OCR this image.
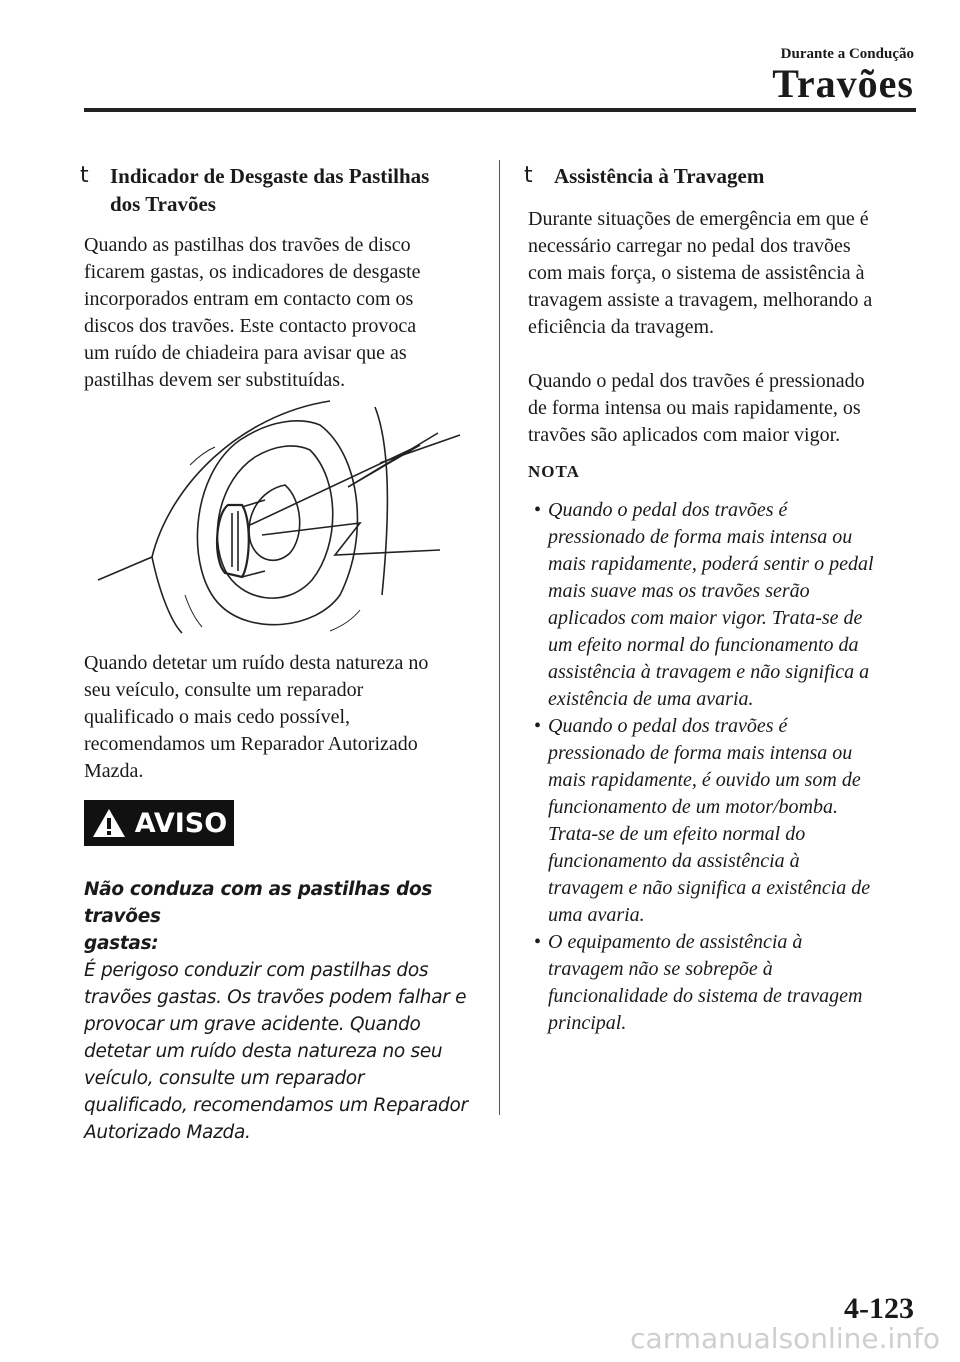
Durante a Condução
Travões
t Indicador de Desgaste das Pastilhas
dos Travões
Quando as pastilhas dos travões de disco
ficarem gastas, os indicadores de desgaste
incorporados entram em contacto com os
discos dos travões. Este contacto provoca
um ruído de chiadeira para avisar que as
pastilhas devem ser substituídas.
Quando detetar um ruído desta natureza no
seu veículo, consulte um reparador
qualificado o mais cedo possível,
recomendamos um Reparador Autorizado
Mazda.
AVISO
Não conduza com as pastilhas dos travões
gastas:
É perigoso conduzir com pastilhas dos
travões gastas. Os travões podem falhar e
provocar um grave acidente. Quando
detetar um ruído desta natureza no seu
veículo, consulte um reparador
qualificado, recomendamos um Reparador
Autorizado Mazda.
t Assistência à Travagem
Durante situações de emergência em que é
necessário carregar no pedal dos travões
com mais força, o sistema de assistência à
travagem assiste a travagem, melhorando a
eficiência da travagem.
Quando o pedal dos travões é pressionado
de forma intensa ou mais rapidamente, os
travões são aplicados com maior vigor.
NOTA
• Quando o pedal dos travões é
pressionado de forma mais intensa ou
mais rapidamente, poderá sentir o pedal
mais suave mas os travões serão
aplicados com maior vigor. Trata-se de
um efeito normal do funcionamento da
assistência à travagem e não significa a
existência de uma avaria.
• Quando o pedal dos travões é
pressionado de forma mais intensa ou
mais rapidamente, é ouvido um som de
funcionamento de um motor/bomba.
Trata-se de um efeito normal do
funcionamento da assistência à
travagem e não significa a existência de
uma avaria.
• O equipamento de assistência à
travagem não se sobrepõe à
funcionalidade do sistema de travagem
principal.
4-123
carmanualsonline.info
